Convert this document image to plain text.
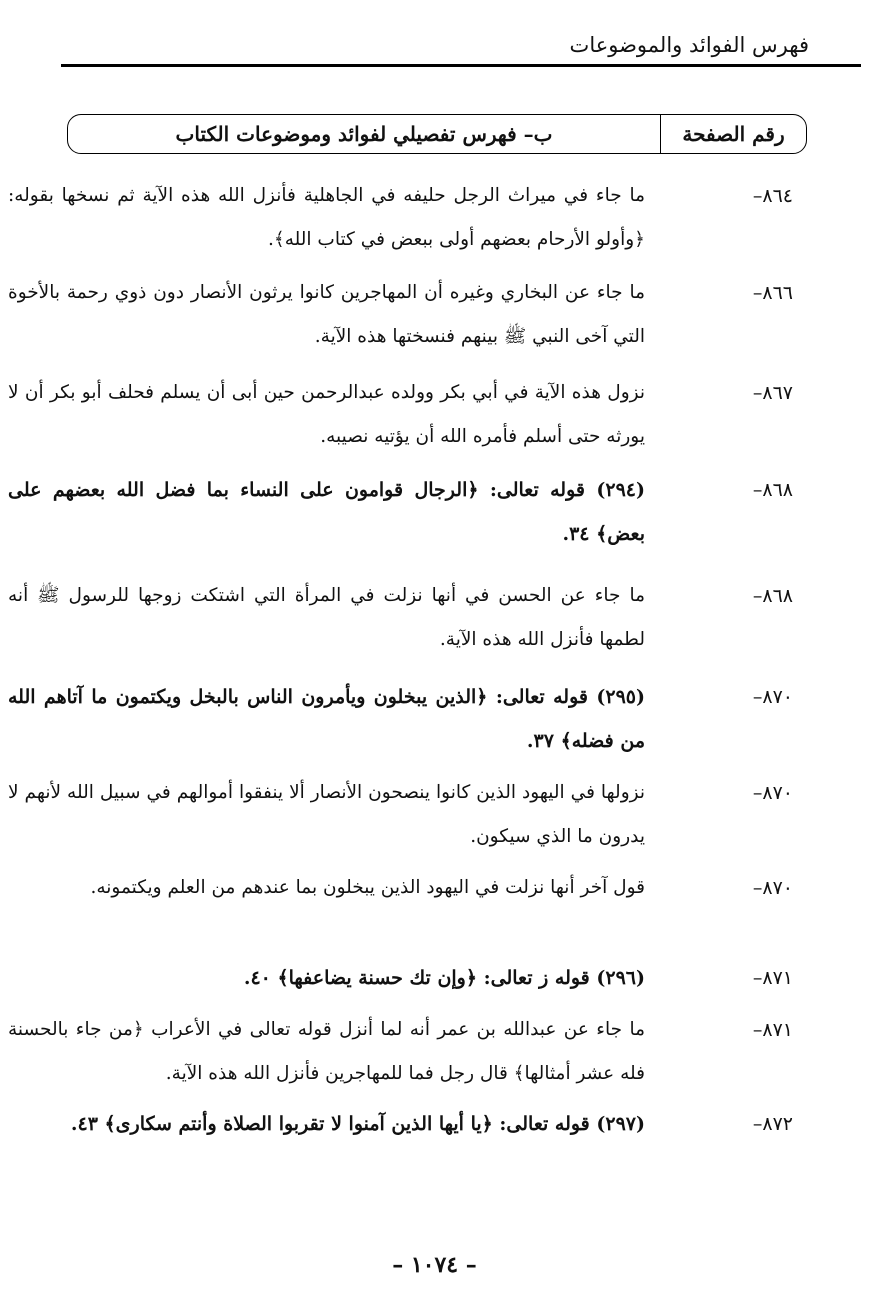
فهرس الفوائد والموضوعات
رقم الصفحة
ب– فهرس تفصيلي لفوائد وموضوعات الكتاب
٨٦٤–
ما جاء في ميراث الرجل حليفه في الجاهلية فأنزل الله هذه الآية ثم نسخها بقوله: ﴿وأولو الأرحام بعضهم أولى ببعض في كتاب الله﴾.
٨٦٦–
ما جاء عن البخاري وغيره أن المهاجرين كانوا يرثون الأنصار دون ذوي رحمة بالأخوة التي آخى النبي ﷺ بينهم فنسختها هذه الآية.
٨٦٧–
نزول هذه الآية في أبي بكر وولده عبدالرحمن حين أبى أن يسلم فحلف أبو بكر أن لا يورثه حتى أسلم فأمره الله أن يؤتيه نصيبه.
٨٦٨–
(٢٩٤) قوله تعالى: ﴿الرجال قوامون على النساء بما فضل الله بعضهم على بعض﴾ ٣٤.
٨٦٨–
ما جاء عن الحسن في أنها نزلت في المرأة التي اشتكت زوجها للرسول ﷺ أنه لطمها فأنزل الله هذه الآية.
٨٧٠–
(٢٩٥) قوله تعالى: ﴿الذين يبخلون ويأمرون الناس بالبخل ويكتمون ما آتاهم الله من فضله﴾ ٣٧.
٨٧٠–
نزولها في اليهود الذين كانوا ينصحون الأنصار ألا ينفقوا أموالهم في سبيل الله لأنهم لا يدرون ما الذي سيكون.
٨٧٠–
قول آخر أنها نزلت في اليهود الذين يبخلون بما عندهم من العلم ويكتمونه.
٨٧١–
(٢٩٦) قوله ز تعالى: ﴿وإن تك حسنة يضاعفها﴾ ٤٠.
٨٧١–
ما جاء عن عبدالله بن عمر أنه لما أنزل قوله تعالى في الأعراب ﴿من جاء بالحسنة فله عشر أمثالها﴾ قال رجل فما للمهاجرين فأنزل الله هذه الآية.
٨٧٢–
(٢٩٧) قوله تعالى: ﴿يا أيها الذين آمنوا لا تقربوا الصلاة وأنتم سكارى﴾ ٤٣.
– ١٠٧٤ –
